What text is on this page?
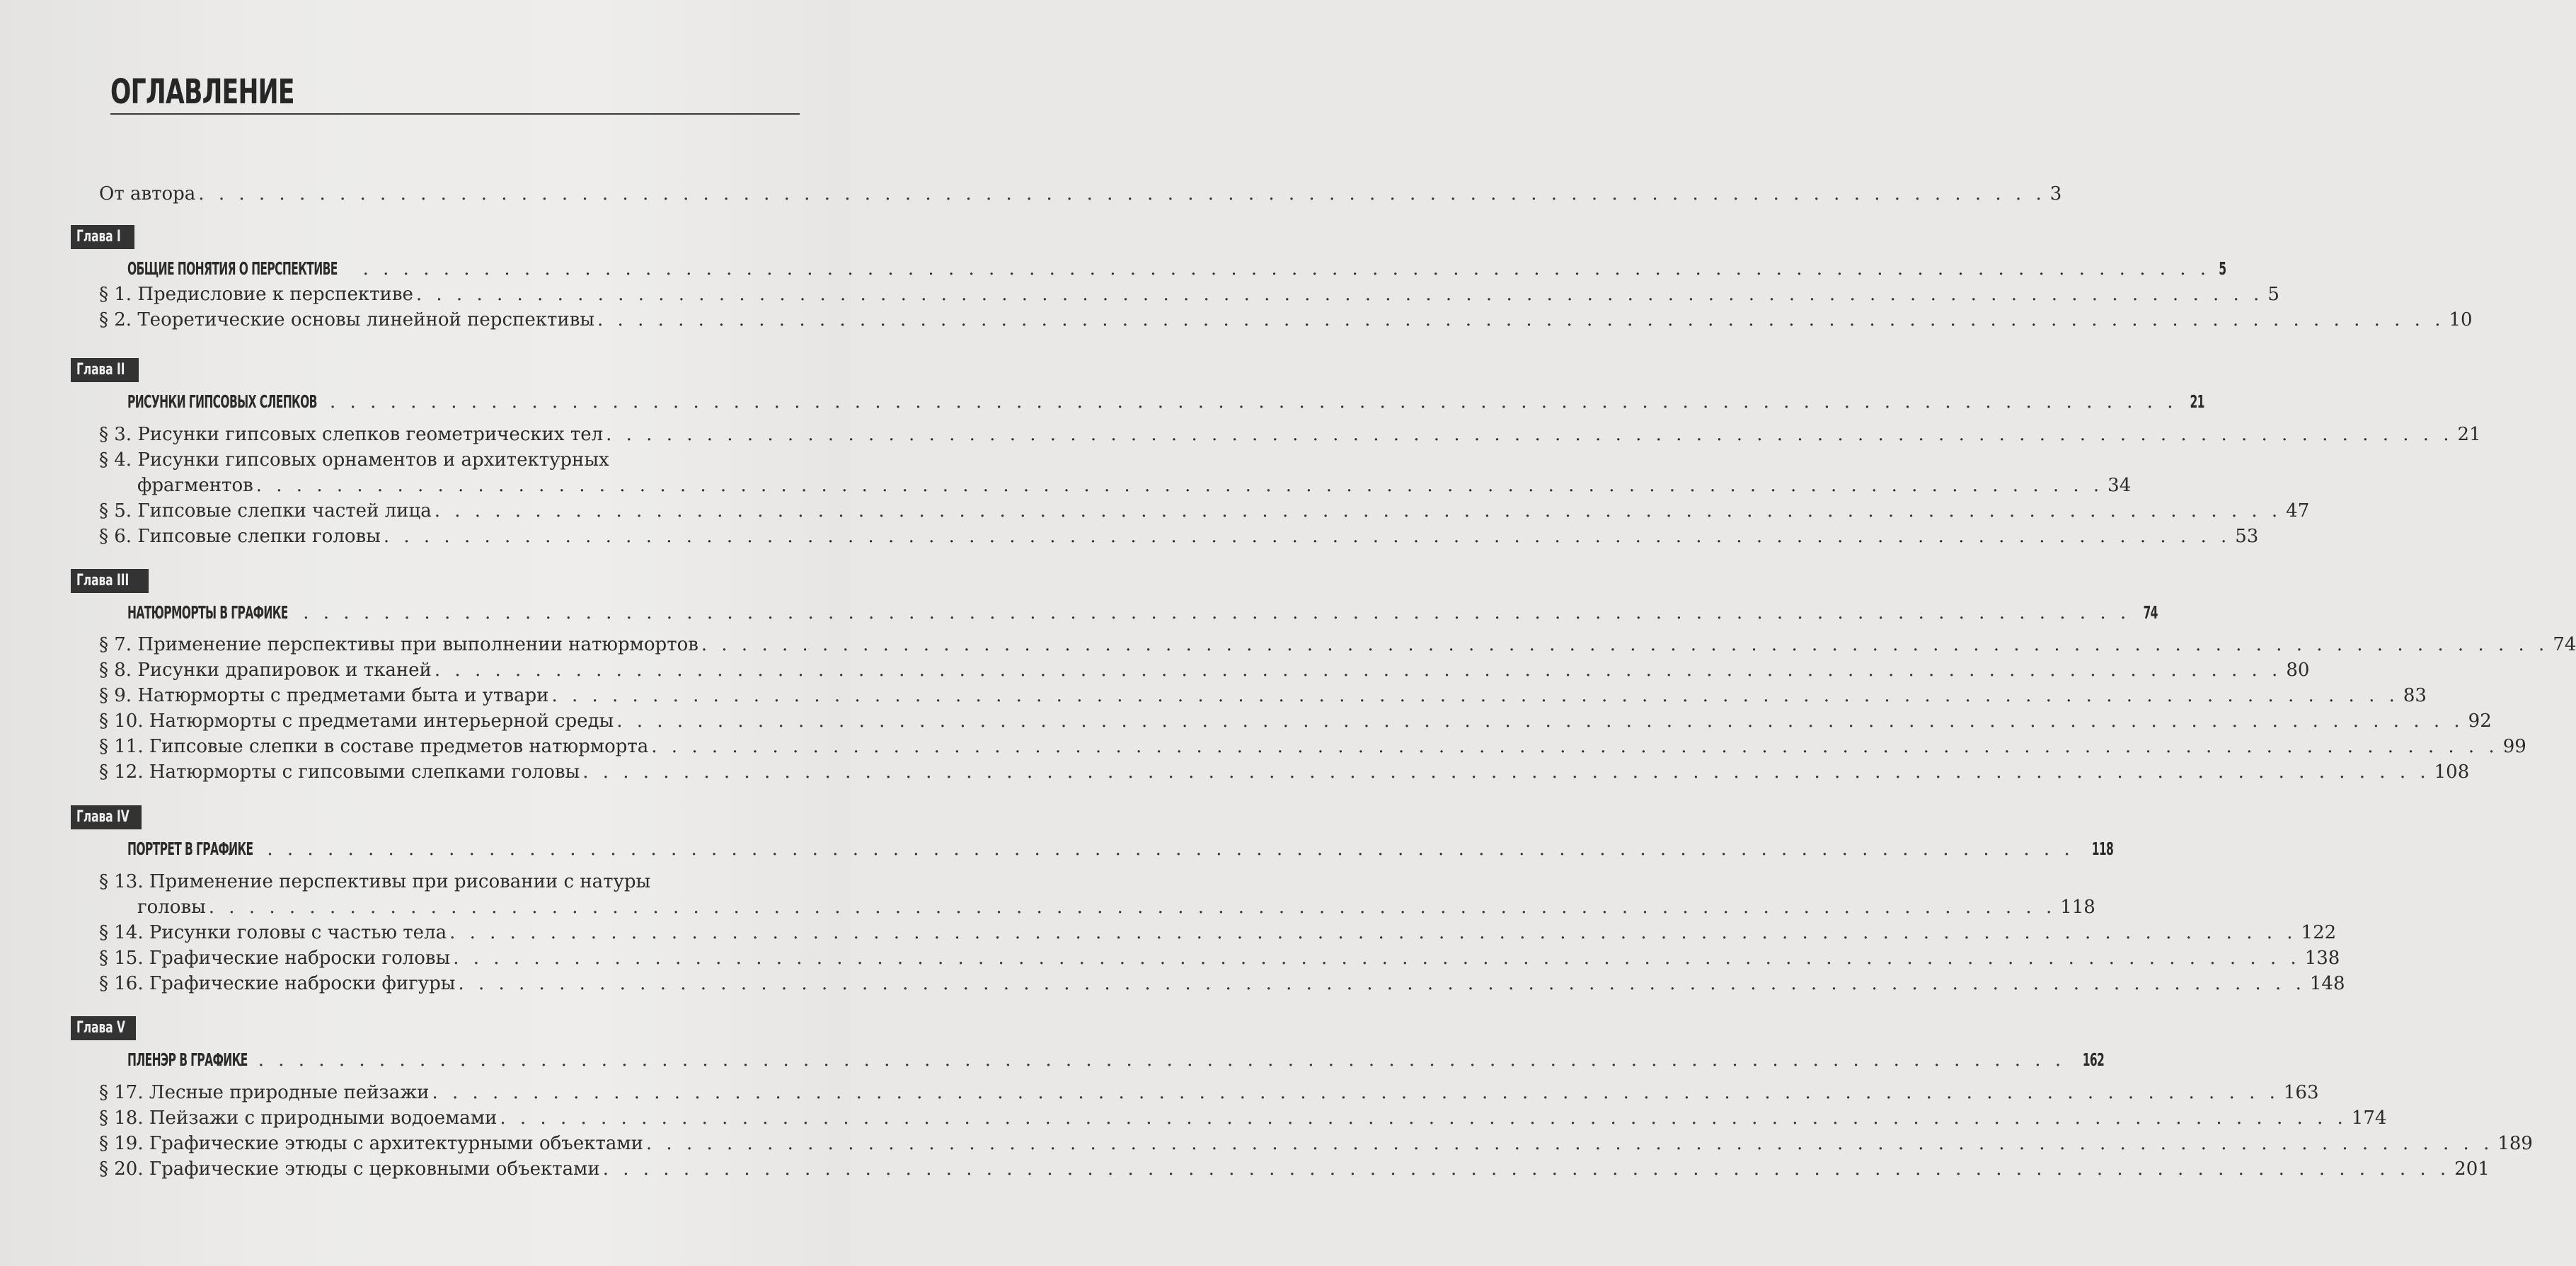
ОГЛАВЛЕНИЕ
От автора . . . . . . . . . . . . . . . . . . . . . . . . . . . . . . . . . . . . . . . . . . . . . . . . . . . . . . . . . . . . . . . . . . . . . . . . . . . . . . . . . . . . . . . . . . . . 3
Глава I
ОБЩИЕ ПОНЯТИЯ О ПЕРСПЕКТИВЕ . . . . . . . . . . . . . . . . . . . . . . . . . . . . . . . . . . . . . . . . . . . . . . . . . . . . . . . . . . . . . . . . . . . . . . . . . . . . . . . . . . . . . . . . . . . . 5
§ 1. Предисловие к перспективе . . . . . . . . . . . . . . . . . . . . . . . . . . . . . . . . . . . . . . . . . . . . . . . . . . . . . . . . . . . . . . . . . . . . . . . . . . . . . . . . . . . . . . . . . . . . 5
§ 2. Теоретические основы линейной перспективы . . . . . . . . . . . . . . . . . . . . . . . . . . . . . . . . . . . . . . . . . . . . . . . . . . . . . . . . . . . . . . . . . . . . . . . . . . . . . . . . . . . . . . . . . . . . 10
Глава II
РИСУНКИ ГИПСОВЫХ СЛЕПКОВ . . . . . . . . . . . . . . . . . . . . . . . . . . . . . . . . . . . . . . . . . . . . . . . . . . . . . . . . . . . . . . . . . . . . . . . . . . . . . . . . . . . . . . . . . . . . 21
§ 3. Рисунки гипсовых слепков геометрических тел . . . . . . . . . . . . . . . . . . . . . . . . . . . . . . . . . . . . . . . . . . . . . . . . . . . . . . . . . . . . . . . . . . . . . . . . . . . . . . . . . . . . . . . . . . . . 21
§ 4. Рисунки гипсовых орнаментов и архитектурных
фрагментов . . . . . . . . . . . . . . . . . . . . . . . . . . . . . . . . . . . . . . . . . . . . . . . . . . . . . . . . . . . . . . . . . . . . . . . . . . . . . . . . . . . . . . . . . . . . 34
§ 5. Гипсовые слепки частей лица . . . . . . . . . . . . . . . . . . . . . . . . . . . . . . . . . . . . . . . . . . . . . . . . . . . . . . . . . . . . . . . . . . . . . . . . . . . . . . . . . . . . . . . . . . . . 47
§ 6. Гипсовые слепки головы . . . . . . . . . . . . . . . . . . . . . . . . . . . . . . . . . . . . . . . . . . . . . . . . . . . . . . . . . . . . . . . . . . . . . . . . . . . . . . . . . . . . . . . . . . . . 53
Глава III
НАТЮРМОРТЫ В ГРАФИКЕ
. . . . . . . . . . . . . . . . . . . . . . . . . . . . . . . . . . . . . . . . . . . . . . . . . . . . . . . . . . . . . . . . . . . . . . . . . . . . . . . . . . . . . . . . . . . . 74
§ 7. Применение перспективы при выполнении натюрмортов . . . . . . . . . . . . . . . . . . . . . . . . . . . . . . . . . . . . . . . . . . . . . . . . . . . . . . . . . . . . . . . . . . . . . . . . . . . . . . . . . . . . . . . . . . . . 74
§ 8. Рисунки драпировок и тканей . . . . . . . . . . . . . . . . . . . . . . . . . . . . . . . . . . . . . . . . . . . . . . . . . . . . . . . . . . . . . . . . . . . . . . . . . . . . . . . . . . . . . . . . . . . . 80
§ 9. Натюрморты с предметами быта и утвари . . . . . . . . . . . . . . . . . . . . . . . . . . . . . . . . . . . . . . . . . . . . . . . . . . . . . . . . . . . . . . . . . . . . . . . . . . . . . . . . . . . . . . . . . . . . 83
§ 10. Натюрморты с предметами интерьерной среды . . . . . . . . . . . . . . . . . . . . . . . . . . . . . . . . . . . . . . . . . . . . . . . . . . . . . . . . . . . . . . . . . . . . . . . . . . . . . . . . . . . . . . . . . . . . 92
§ 11. Гипсовые слепки в составе предметов натюрморта . . . . . . . . . . . . . . . . . . . . . . . . . . . . . . . . . . . . . . . . . . . . . . . . . . . . . . . . . . . . . . . . . . . . . . . . . . . . . . . . . . . . . . . . . . . . 99
§ 12. Натюрморты с гипсовыми слепками головы . . . . . . . . . . . . . . . . . . . . . . . . . . . . . . . . . . . . . . . . . . . . . . . . . . . . . . . . . . . . . . . . . . . . . . . . . . . . . . . . . . . . . . . . . . . . 108
Глава IV
ПОРТРЕТ В ГРАФИКЕ
. . . . . . . . . . . . . . . . . . . . . . . . . . . . . . . . . . . . . . . . . . . . . . . . . . . . . . . . . . . . . . . . . . . . . . . . . . . . . . . . . . . . . . . . . . . . 118
§ 13. Применение перспективы при рисовании с натуры
головы . . . . . . . . . . . . . . . . . . . . . . . . . . . . . . . . . . . . . . . . . . . . . . . . . . . . . . . . . . . . . . . . . . . . . . . . . . . . . . . . . . . . . . . . . . . . 118
§ 14. Рисунки головы с частью тела . . . . . . . . . . . . . . . . . . . . . . . . . . . . . . . . . . . . . . . . . . . . . . . . . . . . . . . . . . . . . . . . . . . . . . . . . . . . . . . . . . . . . . . . . . . . 122
§ 15. Графические наброски головы . . . . . . . . . . . . . . . . . . . . . . . . . . . . . . . . . . . . . . . . . . . . . . . . . . . . . . . . . . . . . . . . . . . . . . . . . . . . . . . . . . . . . . . . . . . . 138
§ 16. Графические наброски фигуры . . . . . . . . . . . . . . . . . . . . . . . . . . . . . . . . . . . . . . . . . . . . . . . . . . . . . . . . . . . . . . . . . . . . . . . . . . . . . . . . . . . . . . . . . . . . 148
Глава V
ПЛЕНЭР В ГРАФИКЕ
. . . . . . . . . . . . . . . . . . . . . . . . . . . . . . . . . . . . . . . . . . . . . . . . . . . . . . . . . . . . . . . . . . . . . . . . . . . . . . . . . . . . . . . . . . . . 162
§ 17. Лесные природные пейзажи . . . . . . . . . . . . . . . . . . . . . . . . . . . . . . . . . . . . . . . . . . . . . . . . . . . . . . . . . . . . . . . . . . . . . . . . . . . . . . . . . . . . . . . . . . . . 163
§ 18. Пейзажи с природными водоемами . . . . . . . . . . . . . . . . . . . . . . . . . . . . . . . . . . . . . . . . . . . . . . . . . . . . . . . . . . . . . . . . . . . . . . . . . . . . . . . . . . . . . . . . . . . . 174
§ 19. Графические этюды с архитектурными объектами . . . . . . . . . . . . . . . . . . . . . . . . . . . . . . . . . . . . . . . . . . . . . . . . . . . . . . . . . . . . . . . . . . . . . . . . . . . . . . . . . . . . . . . . . . . . 189
§ 20. Графические этюды с церковными объектами . . . . . . . . . . . . . . . . . . . . . . . . . . . . . . . . . . . . . . . . . . . . . . . . . . . . . . . . . . . . . . . . . . . . . . . . . . . . . . . . . . . . . . . . . . . . 201
